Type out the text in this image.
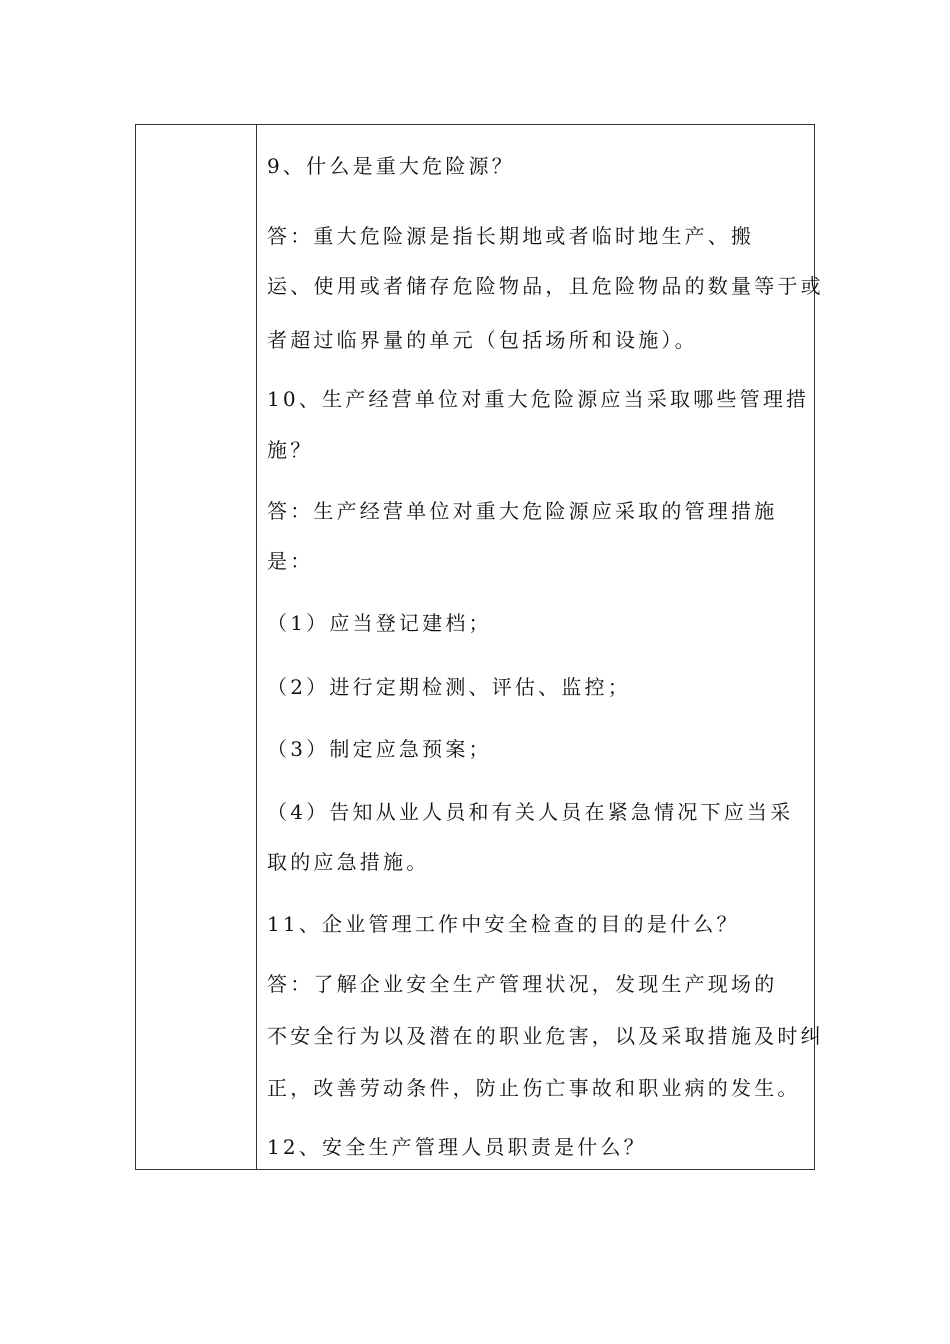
9、什么是重大危险源？
答：重大危险源是指长期地或者临时地生产、搬
运、使用或者储存危险物品，且危险物品的数量等于或
者超过临界量的单元（包括场所和设施）。
10、生产经营单位对重大危险源应当采取哪些管理措
施？
答：生产经营单位对重大危险源应采取的管理措施
是：
（1）应当登记建档；
（2）进行定期检测、评估、监控；
（3）制定应急预案；
（4）告知从业人员和有关人员在紧急情况下应当采
取的应急措施。
11、企业管理工作中安全检查的目的是什么？
答：了解企业安全生产管理状况，发现生产现场的
不安全行为以及潜在的职业危害，以及采取措施及时纠
正，改善劳动条件，防止伤亡事故和职业病的发生。
12、安全生产管理人员职责是什么？
